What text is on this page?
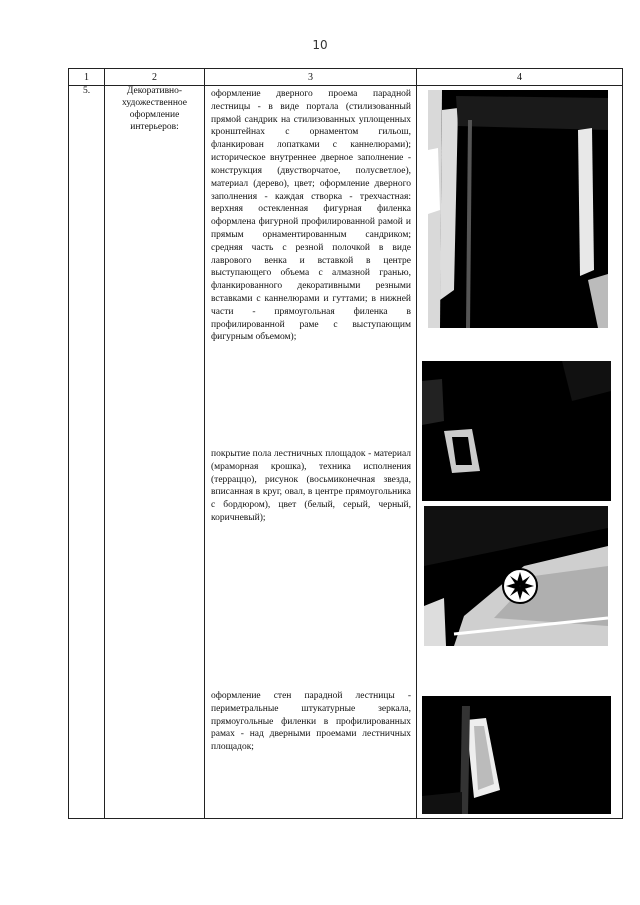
10
1	2	3	4
5.	Декоративно-художественное оформление интерьеров:	оформление дверного проема парадной лестницы - в виде портала (стилизованный прямой сандрик на стилизованных уплощенных кронштейнах с орнаментом гильош, фланкирован лопатками с каннелюрами); историческое внутреннее дверное заполнение - конструкция (двустворчатое, полусветлое), материал (дерево), цвет; оформление дверного заполнения - каждая створка - трехчастная: верхняя остекленная фигурная филенка оформлена фигурной профилированной рамой и прямым орнаментированным сандриком; средняя часть с резной полочкой в виде лаврового венка и вставкой в центре выступающего объема с алмазной гранью, фланкированного декоративными резными вставками с каннелюрами и гуттами; в нижней части - прямоугольная филенка в профилированной раме с выступающим фигурным объемом);
покрытие пола лестничных площадок - материал (мраморная крошка), техника исполнения (терраццо), рисунок (восьмиконечная звезда, вписанная в круг, овал, в центре прямоугольника с бордюром), цвет (белый, серый, черный, коричневый);
оформление стен парадной лестницы - периметральные штукатурные зеркала, прямоугольные филенки в профилированных рамах - над дверными проемами лестничных площадок;
